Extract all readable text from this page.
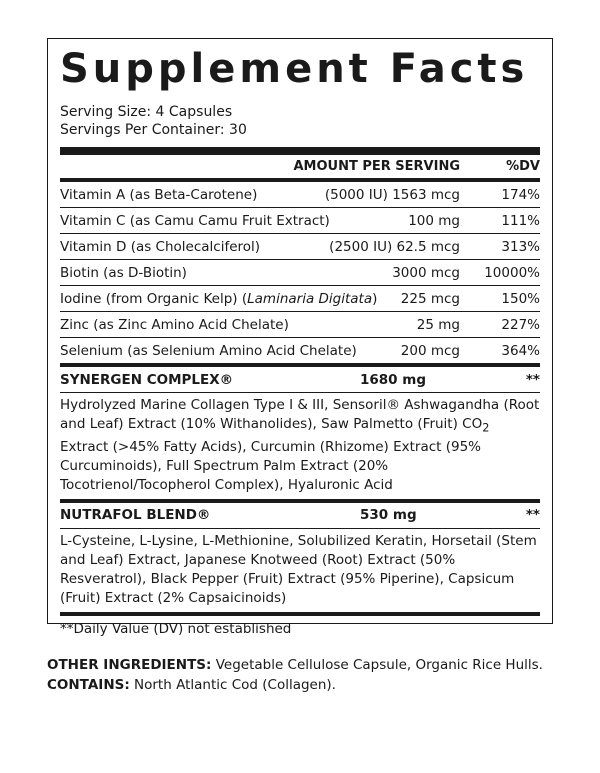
Supplement Facts
Serving Size: 4 Capsules
Servings Per Container: 30
AMOUNT PER SERVING	%DV
Vitamin A (as Beta-Carotene)	(5000 IU) 1563 mcg	174%
Vitamin C (as Camu Camu Fruit Extract)	100 mg	111%
Vitamin D (as Cholecalciferol)	(2500 IU) 62.5 mcg	313%
Biotin (as D-Biotin)	3000 mcg	10000%
Iodine (from Organic Kelp) (Laminaria Digitata)	225 mcg	150%
Zinc (as Zinc Amino Acid Chelate)	25 mg	227%
Selenium (as Selenium Amino Acid Chelate)	200 mcg	364%
SYNERGEN COMPLEX®	1680 mg	**
Hydrolyzed Marine Collagen Type I & III, Sensoril® Ashwagandha (Root and Leaf) Extract (10% Withanolides), Saw Palmetto (Fruit) $CO_2$ Extract (>45% Fatty Acids), Curcumin (Rhizome) Extract (95% Curcuminoids), Full Spectrum Palm Extract (20% Tocotrienol/Tocopherol Complex), Hyaluronic Acid
NUTRAFOL BLEND®	530 mg	**
L-Cysteine, L-Lysine, L-Methionine, Solubilized Keratin, Horsetail (Stem and Leaf) Extract, Japanese Knotweed (Root) Extract (50% Resveratrol), Black Pepper (Fruit) Extract (95% Piperine), Capsicum (Fruit) Extract (2% Capsaicinoids)
**Daily Value (DV) not established
OTHER INGREDIENTS: Vegetable Cellulose Capsule, Organic Rice Hulls.
CONTAINS: North Atlantic Cod (Collagen).
